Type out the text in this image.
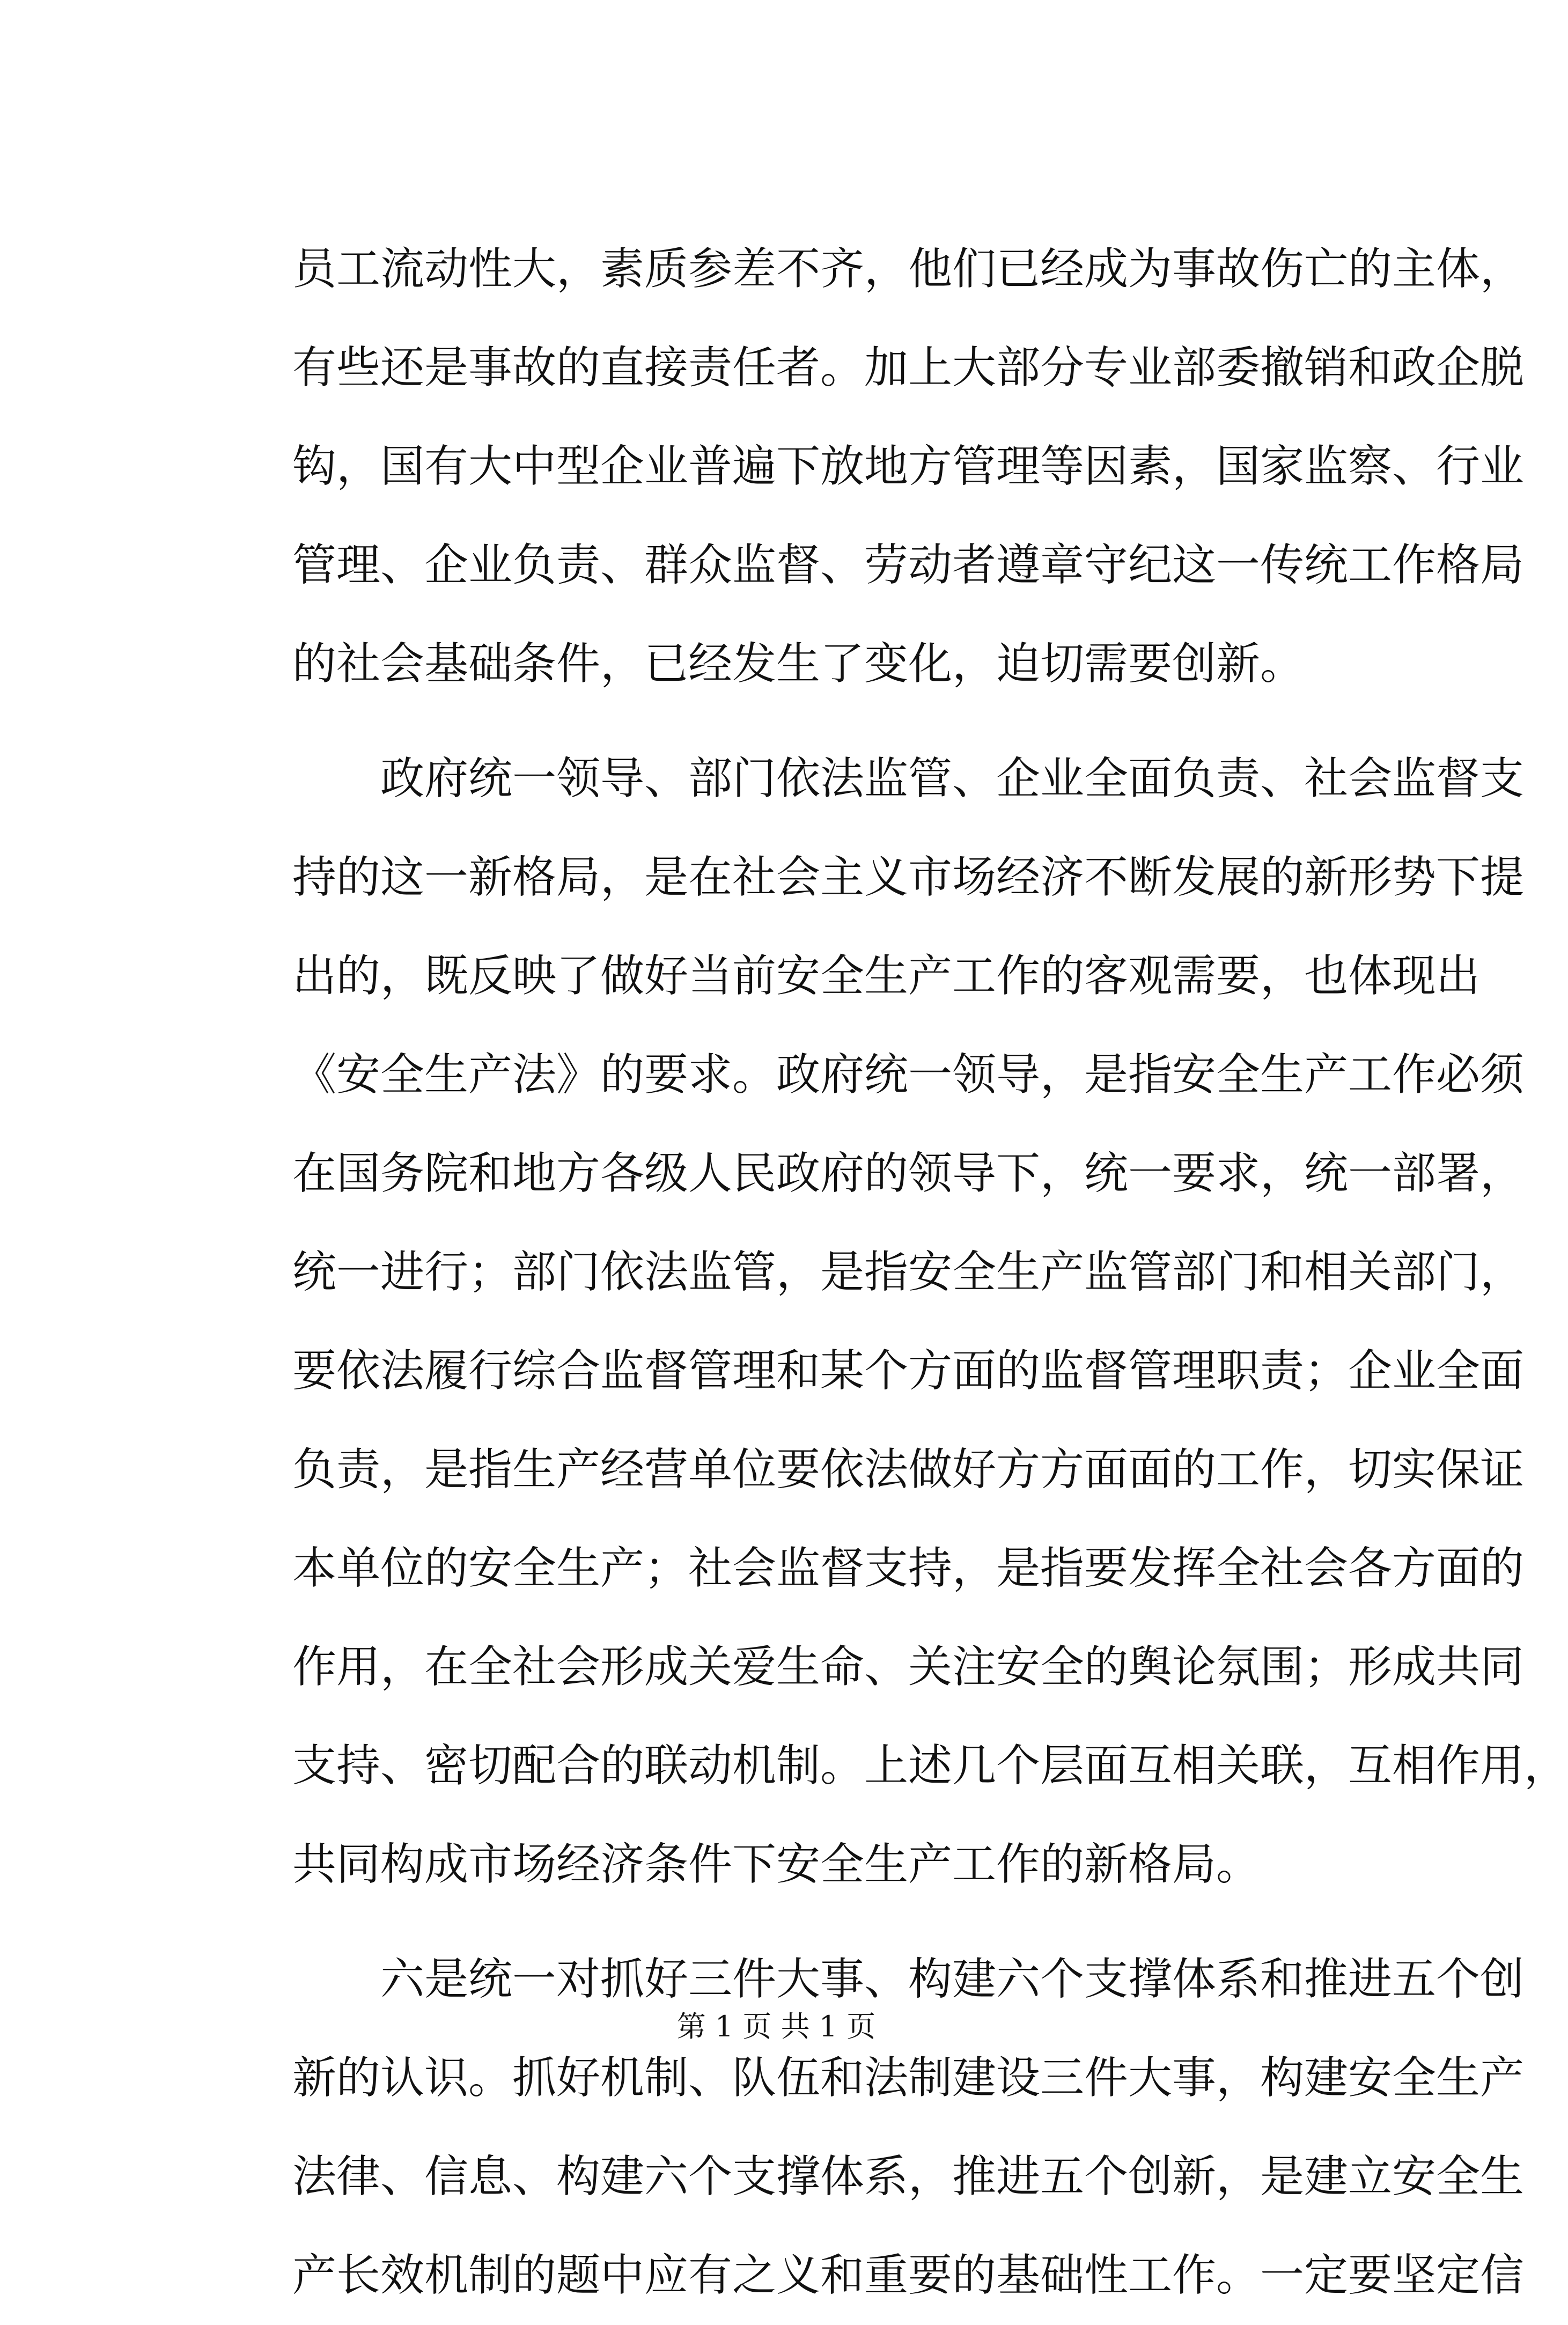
员工流动性大，素质参差不齐，他们已经成为事故伤亡的主体，
有些还是事故的直接责任者。加上大部分专业部委撤销和政企脱
钩，国有大中型企业普遍下放地方管理等因素，国家监察、行业
管理、企业负责、群众监督、劳动者遵章守纪这一传统工作格局
的社会基础条件，已经发生了变化，迫切需要创新。
　　政府统一领导、部门依法监管、企业全面负责、社会监督支
持的这一新格局，是在社会主义市场经济不断发展的新形势下提
出的，既反映了做好当前安全生产工作的客观需要，也体现出
《安全生产法》的要求。政府统一领导，是指安全生产工作必须
在国务院和地方各级人民政府的领导下，统一要求，统一部署，
统一进行；部门依法监管，是指安全生产监管部门和相关部门，
要依法履行综合监督管理和某个方面的监督管理职责；企业全面
负责，是指生产经营单位要依法做好方方面面的工作，切实保证
本单位的安全生产；社会监督支持，是指要发挥全社会各方面的
作用，在全社会形成关爱生命、关注安全的舆论氛围；形成共同
支持、密切配合的联动机制。上述几个层面互相关联，互相作用，
共同构成市场经济条件下安全生产工作的新格局。
　　六是统一对抓好三件大事、构建六个支撑体系和推进五个创
新的认识。抓好机制、队伍和法制建设三件大事，构建安全生产
法律、信息、构建六个支撑体系，推进五个创新，是建立安全生
产长效机制的题中应有之义和重要的基础性工作。一定要坚定信
第 1 页 共 1 页
